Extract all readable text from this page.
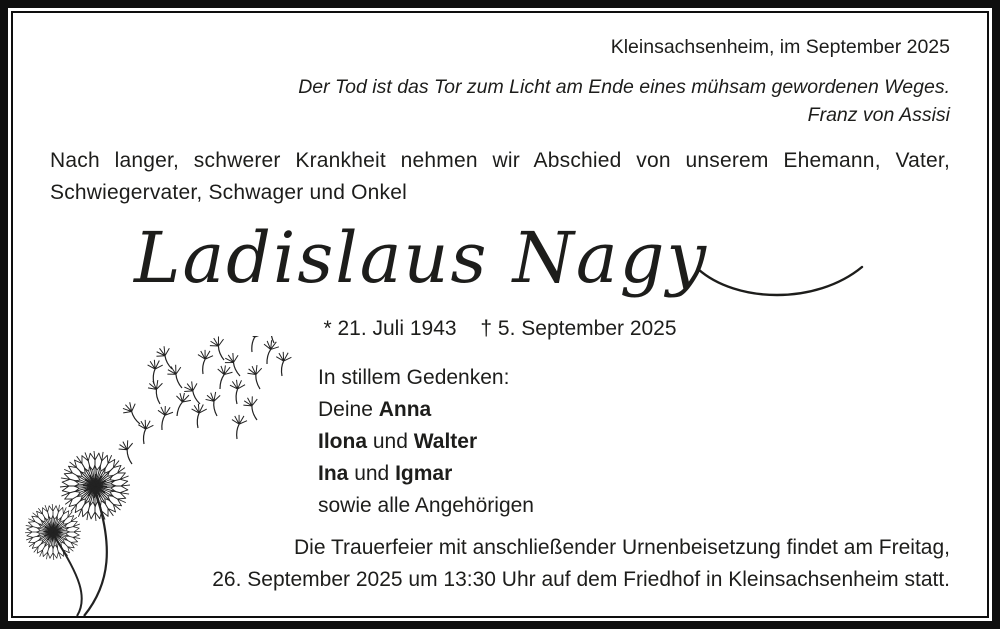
Kleinsachsenheim, im September 2025
Der Tod ist das Tor zum Licht am Ende eines mühsam gewordenen Weges.
Franz von Assisi
Nach langer, schwerer Krankheit nehmen wir Abschied von unserem Ehemann, Vater,
Schwiegervater, Schwager und Onkel
Ladislaus Nagy
* 21. Juli 1943 † 5. September 2025
In stillem Gedenken:
Deine Anna
Ilona und Walter
Ina und Igmar
sowie alle Angehörigen
Die Trauerfeier mit anschließender Urnenbeisetzung findet am Freitag,
26. September 2025 um 13:30 Uhr auf dem Friedhof in Kleinsachsenheim statt.
